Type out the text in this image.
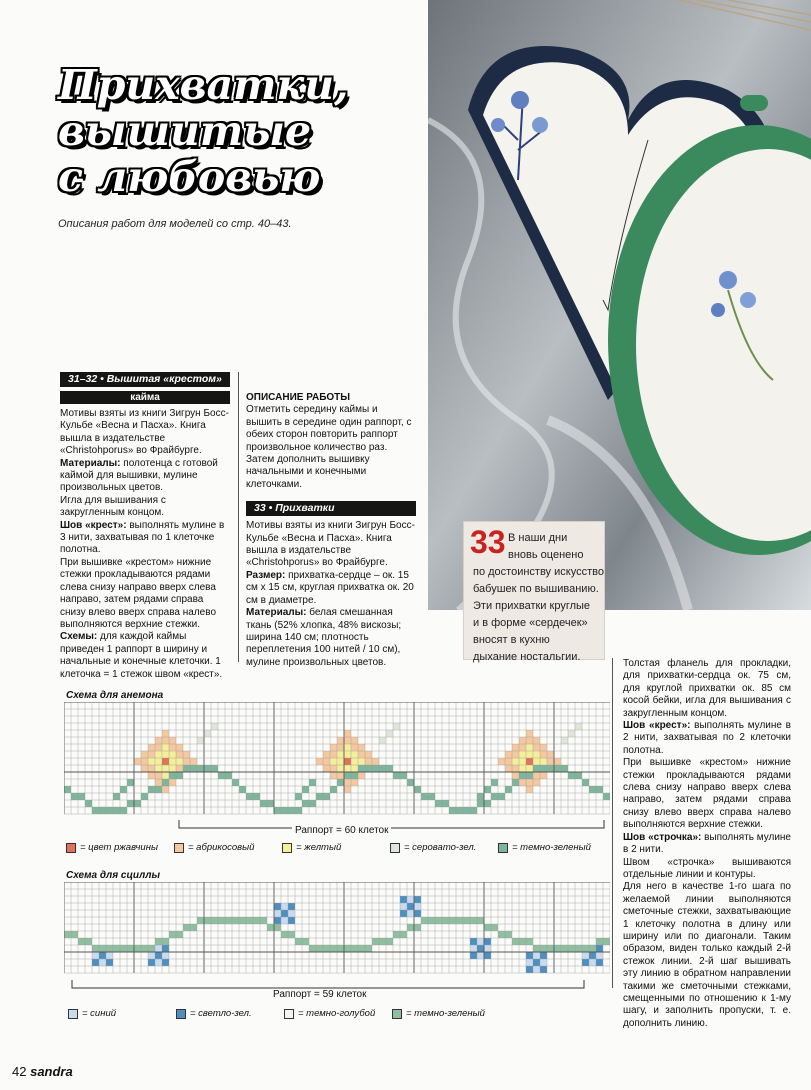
Прихватки,
вышитые
с любовью
Описания работ для моделей со стр. 40–43.
33 В наши дни
вновь оценено
по достоинству искусство
бабушек по вышиванию.
Эти прихватки круглые
и в форме «сердечек»
вносят в кухню
дыхание ностальгии.
31–32 • Вышитая «крестом»
кайма

Мотивы взяты из книги Зигрун Босс-Кульбе «Весна и Пасха». Книга вышла в издательстве «Christohporus» во Фрайбурге.

Материалы: полотенца с готовой каймой для вышивки, мулине произвольных цветов.

Игла для вышивания с закругленным концом.

Шов «крест»: выполнять мулине в 3 нити, захватывая по 1 клеточке полотна.

При вышивке «крестом» нижние стежки прокладываются рядами слева снизу направо вверх слева направо, затем рядами справа снизу влево вверх справа налево выполняются верхние стежки.

Схемы: для каждой каймы приведен 1 раппорт в ширину и начальные и конечные клеточки. 1 клеточка = 1 стежок швом «крест».

ОПИСАНИЕ РАБОТЫ

Отметить середину каймы и вышить в середине один раппорт, с обеих сторон повторить раппорт произвольное количество раз. Затем дополнить вышивку начальными и конечными клеточками.

33 • Прихватки

Мотивы взяты из книги Зигрун Босс-Кульбе «Весна и Пасха». Книга вышла в издательстве «Christohporus» во Фрайбурге.

Размер: прихватка-сердце – ок. 15 см х 15 см, круглая прихватка ок. 20 см в диаметре.

Материалы: белая смешанная ткань (52% хлопка, 48% вискозы; ширина 140 см; плотность переплетения 100 нитей / 10 см), мулине произвольных цветов.	Толстая фланель для прокладки, для прихватки-сердца ок. 75 см, для круглой прихватки ок. 85 см косой бейки, игла для вышивания с закругленным концом.

Шов «крест»: выполнять мулине в 2 нити, захватывая по 2 клеточки полотна.

При вышивке «крестом» нижние стежки прокладываются рядами слева снизу направо вверх слева направо, затем рядами справа снизу влево вверх справа налево выполняются верхние стежки.

Шов «строчка»: выполнять мулине в 2 нити.

Швом «строчка» вышиваются отдельные линии и контуры.

Для него в качестве 1-го шага по желаемой линии выполняются сметочные стежки, захватывающие 1 клеточку полотна в длину или ширину или по диагонали. Таким образом, виден только каждый 2-й стежок линии. 2-й шаг вышивать эту линию в обратном направлении такими же сметочными стежками, смещенными по отношению к 1-му шагу, и заполнить пропуски, т. е. дополнить линию.

Схема для анемона
Раппорт = 60 клеток
= цвет ржавчины	= абрикосовый	= желтый	= серовато-зел.	= темно-зеленый
Схема для сциллы
Раппорт = 59 клеток
= синий	= светло-зел.	= темно-голубой	= темно-зеленый
42 sandra
